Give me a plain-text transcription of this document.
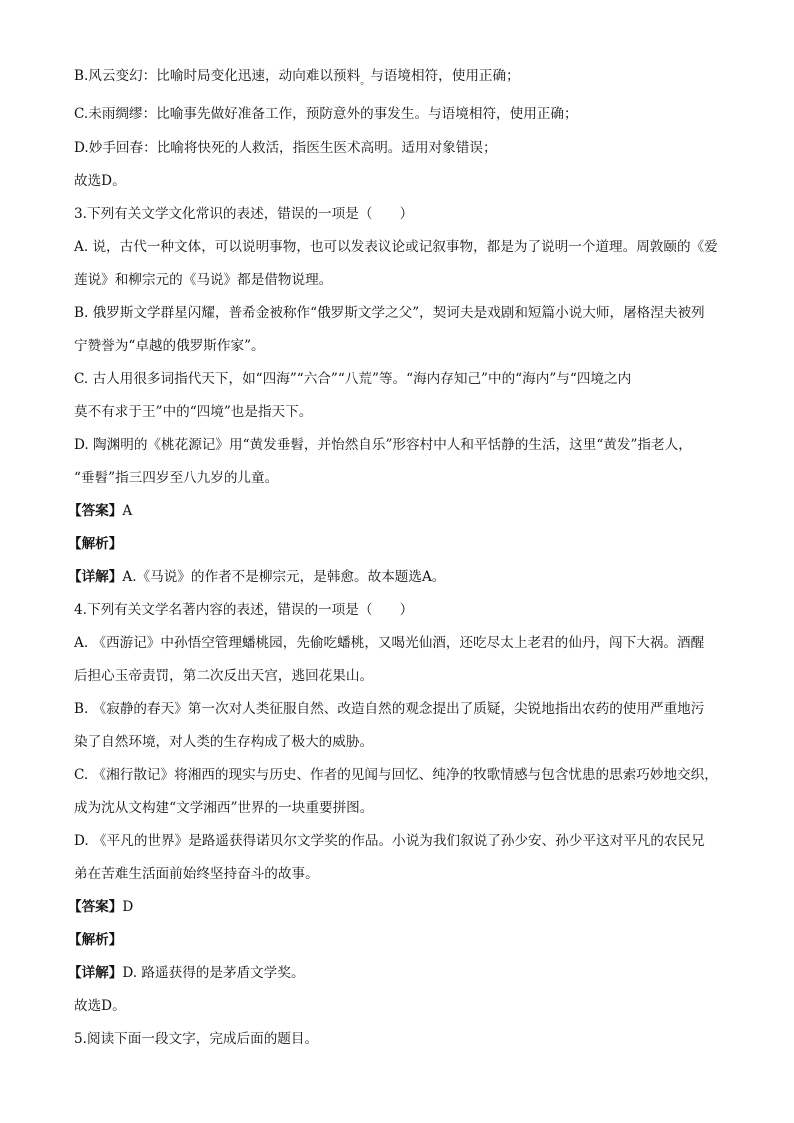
B.风云变幻：比喻时局变化迅速，动向难以预料$_。$与语境相符，使用正确；

C.未雨绸缪：比喻事先做好准备工作，预防意外的事发生。与语境相符，使用正确；

D.妙手回春：比喻将快死的人救活，指医生医术高明。适用对象错误；

故选D。

3.下列有关文学文化常识的表述，错误的一项是（　　）

A. 说，古代一种文体，可以说明事物，也可以发表议论或记叙事物，都是为了说明一个道理。周敦颐的《爱

莲说》和柳宗元的《马说》都是借物说理。

B. 俄罗斯文学群星闪耀，普希金被称作“俄罗斯文学之父”，契诃夫是戏剧和短篇小说大师，屠格涅夫被列

宁赞誉为“卓越的俄罗斯作家”。

C. 古人用很多词指代天下，如“四海”“六合”“八荒”等。“海内存知己”中的“海内”与“四境之内

莫不有求于王”中的“四境”也是指天下。

D. 陶渊明的《桃花源记》用“黄发垂髫，并怡然自乐”形容村中人和平恬静的生活，这里“黄发”指老人，

“垂髫”指三四岁至八九岁的儿童。

【答案】A

【解析】

【详解】A.《马说》的作者不是柳宗元，是韩愈。故本题选A。

4.下列有关文学名著内容的表述，错误的一项是（　　）

A. 《西游记》中孙悟空管理蟠桃园，先偷吃蟠桃，又喝光仙酒，还吃尽太上老君的仙丹，闯下大祸。酒醒

后担心玉帝责罚，第二次反出天宫，逃回花果山。

B. 《寂静的春天》第一次对人类征服自然、改造自然的观念提出了质疑，尖锐地指出农药的使用严重地污

染了自然环境，对人类的生存构成了极大的威胁。

C. 《湘行散记》将湘西的现实与历史、作者的见闻与回忆、纯净的牧歌情感与包含忧患的思索巧妙地交织，

成为沈从文构建“文学湘西”世界的一块重要拼图。

D. 《平凡的世界》是路遥获得诺贝尔文学奖的作品。小说为我们叙说了孙少安、孙少平这对平凡的农民兄

弟在苦难生活面前始终坚持奋斗的故事。

【答案】D

【解析】

【详解】D. 路遥获得的是茅盾文学奖。

故选D。

5.阅读下面一段文字，完成后面的题目。
